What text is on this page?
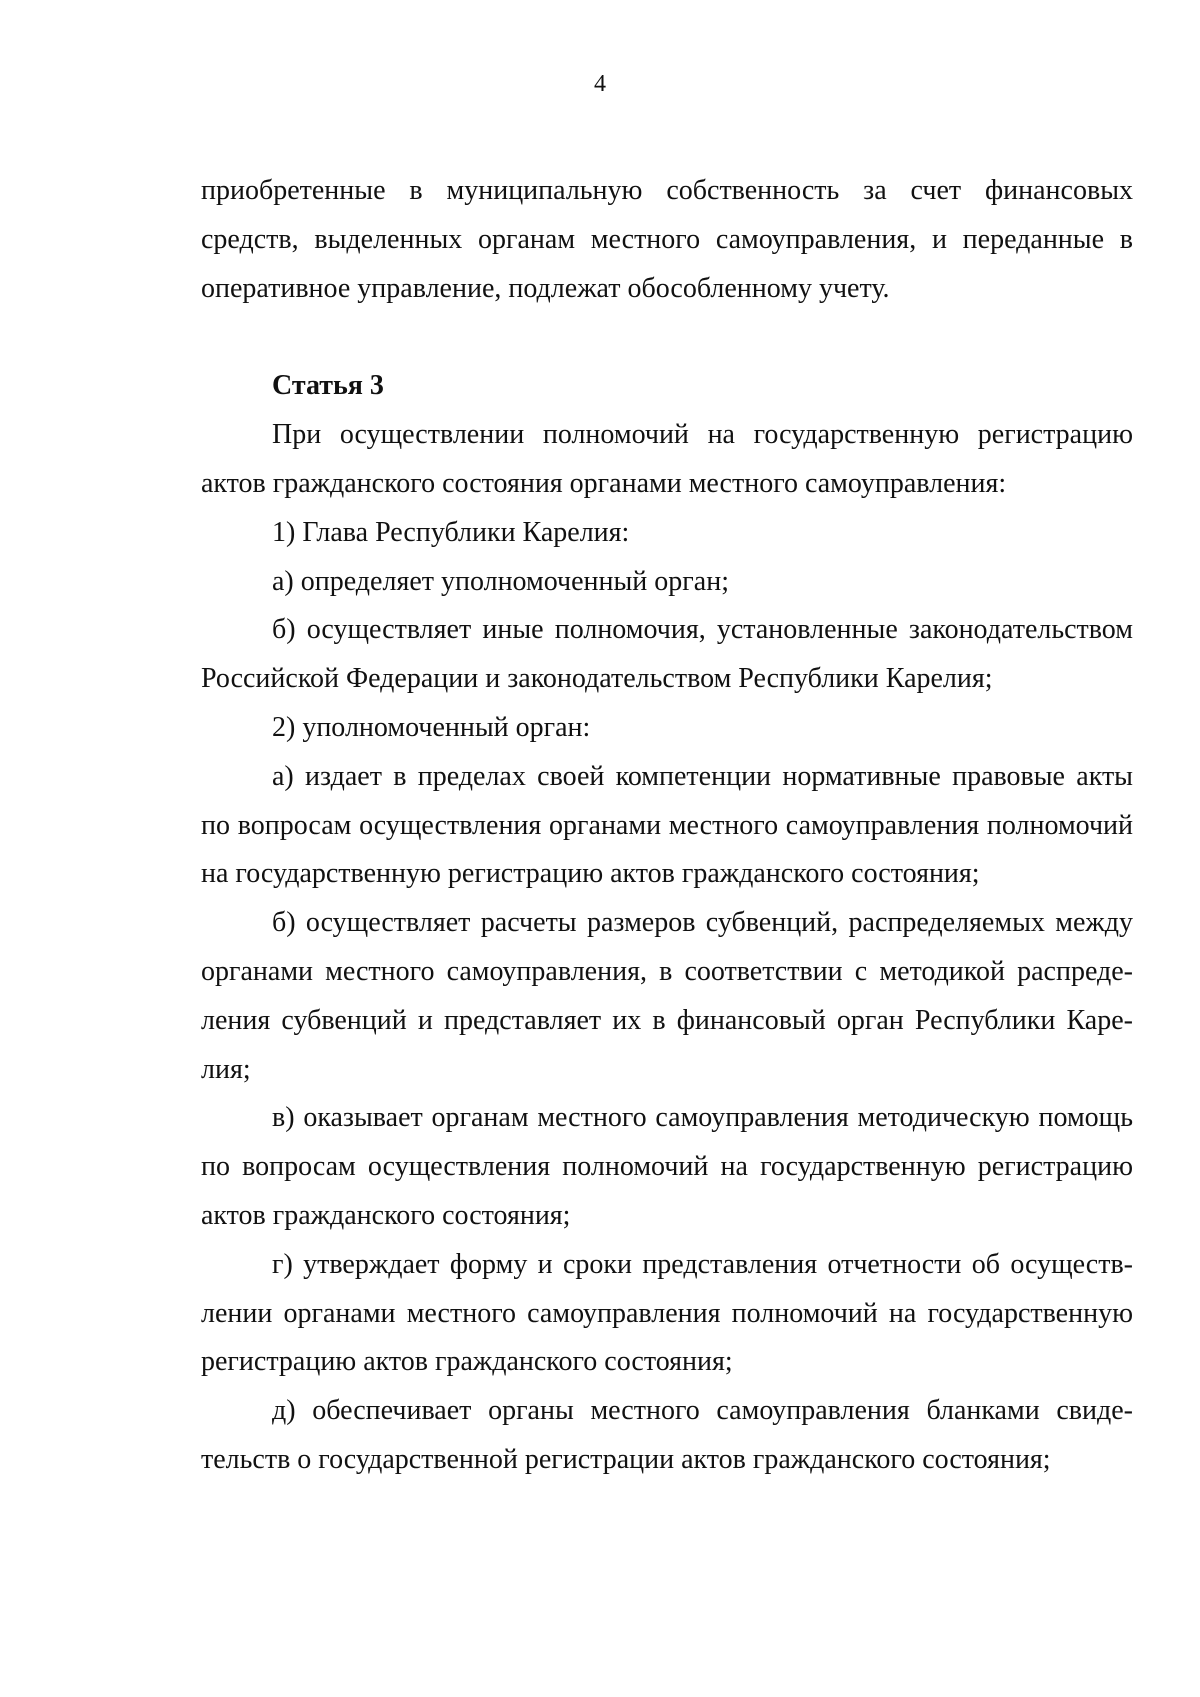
4

приобретенные в муниципальную собственность за счет финансовых средств, выделенных органам местного самоуправления, и переданные в оперативное управление, подлежат обособленному учету.

Статья 3

При осуществлении полномочий на государственную регистрацию актов гражданского состояния органами местного самоуправления:

1) Глава Республики Карелия:

а) определяет уполномоченный орган;

б) осуществляет иные полномочия, установленные законодательством Российской Федерации и законодательством Республики Карелия;

2) уполномоченный орган:

а) издает в пределах своей компетенции нормативные правовые акты по вопросам осуществления органами местного самоуправления полномочий на государственную регистрацию актов гражданского состояния;

б) осуществляет расчеты размеров субвенций, распределяемых между органами местного самоуправления, в соответствии с методикой распределения субвенций и представляет их в финансовый орган Республики Карелия;

в) оказывает органам местного самоуправления методическую помощь по вопросам осуществления полномочий на государственную регистрацию актов гражданского состояния;

г) утверждает форму и сроки представления отчетности об осуществлении органами местного самоуправления полномочий на государственную регистрацию актов гражданского состояния;

д) обеспечивает органы местного самоуправления бланками свидетельств о государственной регистрации актов гражданского состояния;
